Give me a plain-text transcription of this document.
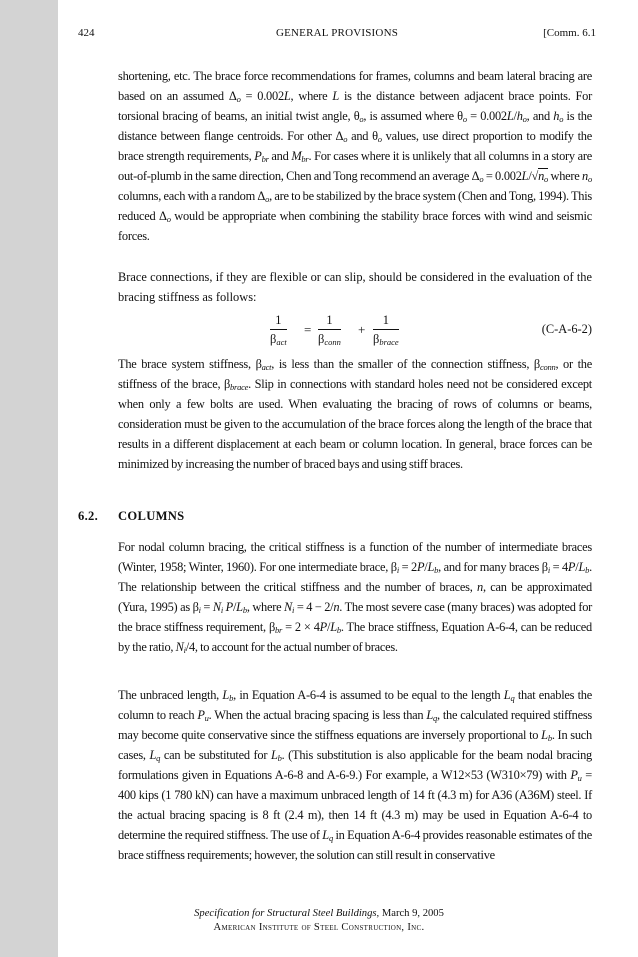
424	GENERAL PROVISIONS	[Comm. 6.1

shortening, etc. The brace force recommendations for frames, columns and beam lateral bracing are based on an assumed $\Delta_o = 0.002L$, where L is the distance between adjacent brace points. For torsional bracing of beams, an initial twist angle, $\theta_o$, is assumed where $\theta_o = 0.002L/h_o$, and $h_o$ is the distance between flange centroids. For other $\Delta_o$ and $\theta_o$ values, use direct proportion to modify the brace strength requirements, $P_{br}$ and $M_{br}$. For cases where it is unlikely that all columns in a story are out-of-plumb in the same direction, Chen and Tong recommend an average $\Delta_o = 0.002L/√n_o$ where $n_o$ columns, each with a random $\Delta_o$, are to be stabilized by the brace system (Chen and Tong, 1994). This reduced $\Delta_o$ would be appropriate when combining the stability brace forces with wind and seismic forces.

Brace connections, if they are flexible or can slip, should be considered in the evaluation of the bracing stiffness as follows:

1
$\beta_{act}$
=
1
$\beta_{conn}$
+
1
$\beta_{brace}$
(C-A-6-2)

The brace system stiffness, $\beta_{act}$, is less than the smaller of the connection stiffness, $\beta_{conn}$, or the stiffness of the brace, $\beta_{brace}$. Slip in connections with standard holes need not be considered except when only a few bolts are used. When evaluating the bracing of rows of columns or beams, consideration must be given to the accumulation of the brace forces along the length of the brace that results in a different displacement at each beam or column location. In general, brace forces can be minimized by increasing the number of braced bays and using stiff braces.

6.2. COLUMNS

For nodal column bracing, the critical stiffness is a function of the number of intermediate braces (Winter, 1958; Winter, 1960). For one intermediate brace, $\beta_i = 2P/L_b$, and for many braces $\beta_i = 4P/L_b$. The relationship between the critical stiffness and the number of braces, n, can be approximated (Yura, 1995) as $\beta_i = N_i$ $P/L_b$, where $N_i = 4 - 2/n$. The most severe case (many braces) was adopted for the brace stiffness requirement, $\beta_{br} = 2 \times 4P/L_b$. The brace stiffness, Equation A-6-4, can be reduced by the ratio, $N_i/4$, to account for the actual number of braces.

The unbraced length, $L_b$, in Equation A-6-4 is assumed to be equal to the length $L_q$ that enables the column to reach $P_u$. When the actual bracing spacing is less than $L_q$, the calculated required stiffness may become quite conservative since the stiffness equations are inversely proportional to $L_b$. In such cases, $L_q$ can be substituted for $L_b$. (This substitution is also applicable for the beam nodal bracing formulations given in Equations A-6-8 and A-6-9.) For example, a W12×53 (W310×79) with $P_u = 400$ kips (1 780 kN) can have a maximum unbraced length of 14 ft (4.3 m) for A36 (A36M) steel. If the actual bracing spacing is 8 ft (2.4 m), then 14 ft (4.3 m) may be used in Equation A-6-4 to determine the required stiffness. The use of $L_q$ in Equation A-6-4 provides reasonable estimates of the brace stiffness requirements; however, the solution can still result in conservative

Specification for Structural Steel Buildings, March 9, 2005
American Institute of Steel Construction, Inc.
